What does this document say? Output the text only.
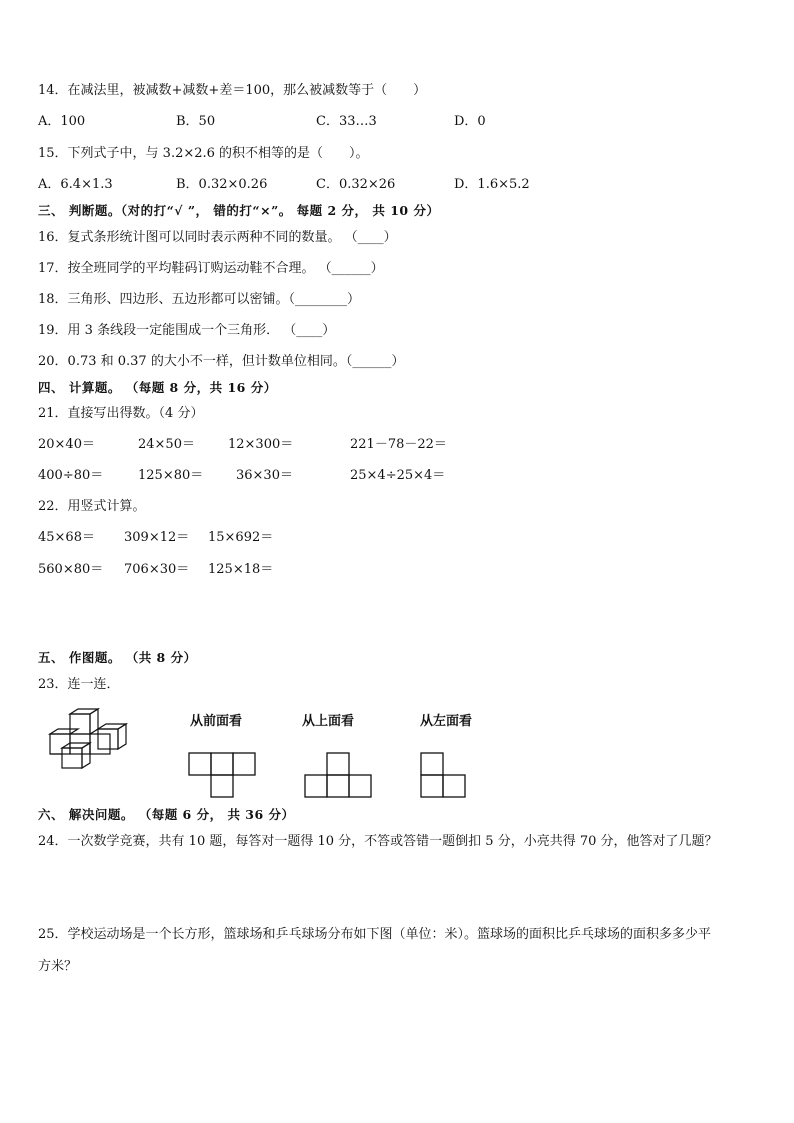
14．在减法里，被减数+减数+差＝100，那么被减数等于（　　）
A．100	B．50	C．33…3	D．0
15．下列式子中，与 3.2×2.6 的积不相等的是（　　）。
A．6.4×1.3	B．0.32×0.26	C．0.32×26	D．1.6×5.2
三、 判断题。（对的打“√ ”， 错的打“×”。 每题 2 分， 共 10 分）
16．复式条形统计图可以同时表示两种不同的数量。 （____）
17．按全班同学的平均鞋码订购运动鞋不合理。 （______）
18．三角形、四边形、五边形都可以密铺。（________）
19．用 3 条线段一定能围成一个三角形． （____）
20．0.73 和 0.37 的大小不一样，但计数单位相同。（______）
四、 计算题。 （每题 8 分，共 16 分）
21．直接写出得数。（4 分）
20×40＝	24×50＝	12×300＝	221－78－22＝
400÷80＝	125×80＝	36×30＝	25×4÷25×4＝
22．用竖式计算。
45×68＝ 309×12＝ 15×692＝
560×80＝ 706×30＝ 125×18＝
五、 作图题。 （共 8 分）
23．连一连．
从前面看	从上面看	从左面看
六、 解决问题。 （每题 6 分， 共 36 分）
24．一次数学竞赛，共有 10 题，每答对一题得 10 分，不答或答错一题倒扣 5 分，小亮共得 70 分，他答对了几题？
25．学校运动场是一个长方形，篮球场和乒乓球场分布如下图（单位：米）。篮球场的面积比乒乓球场的面积多多少平
方米？
